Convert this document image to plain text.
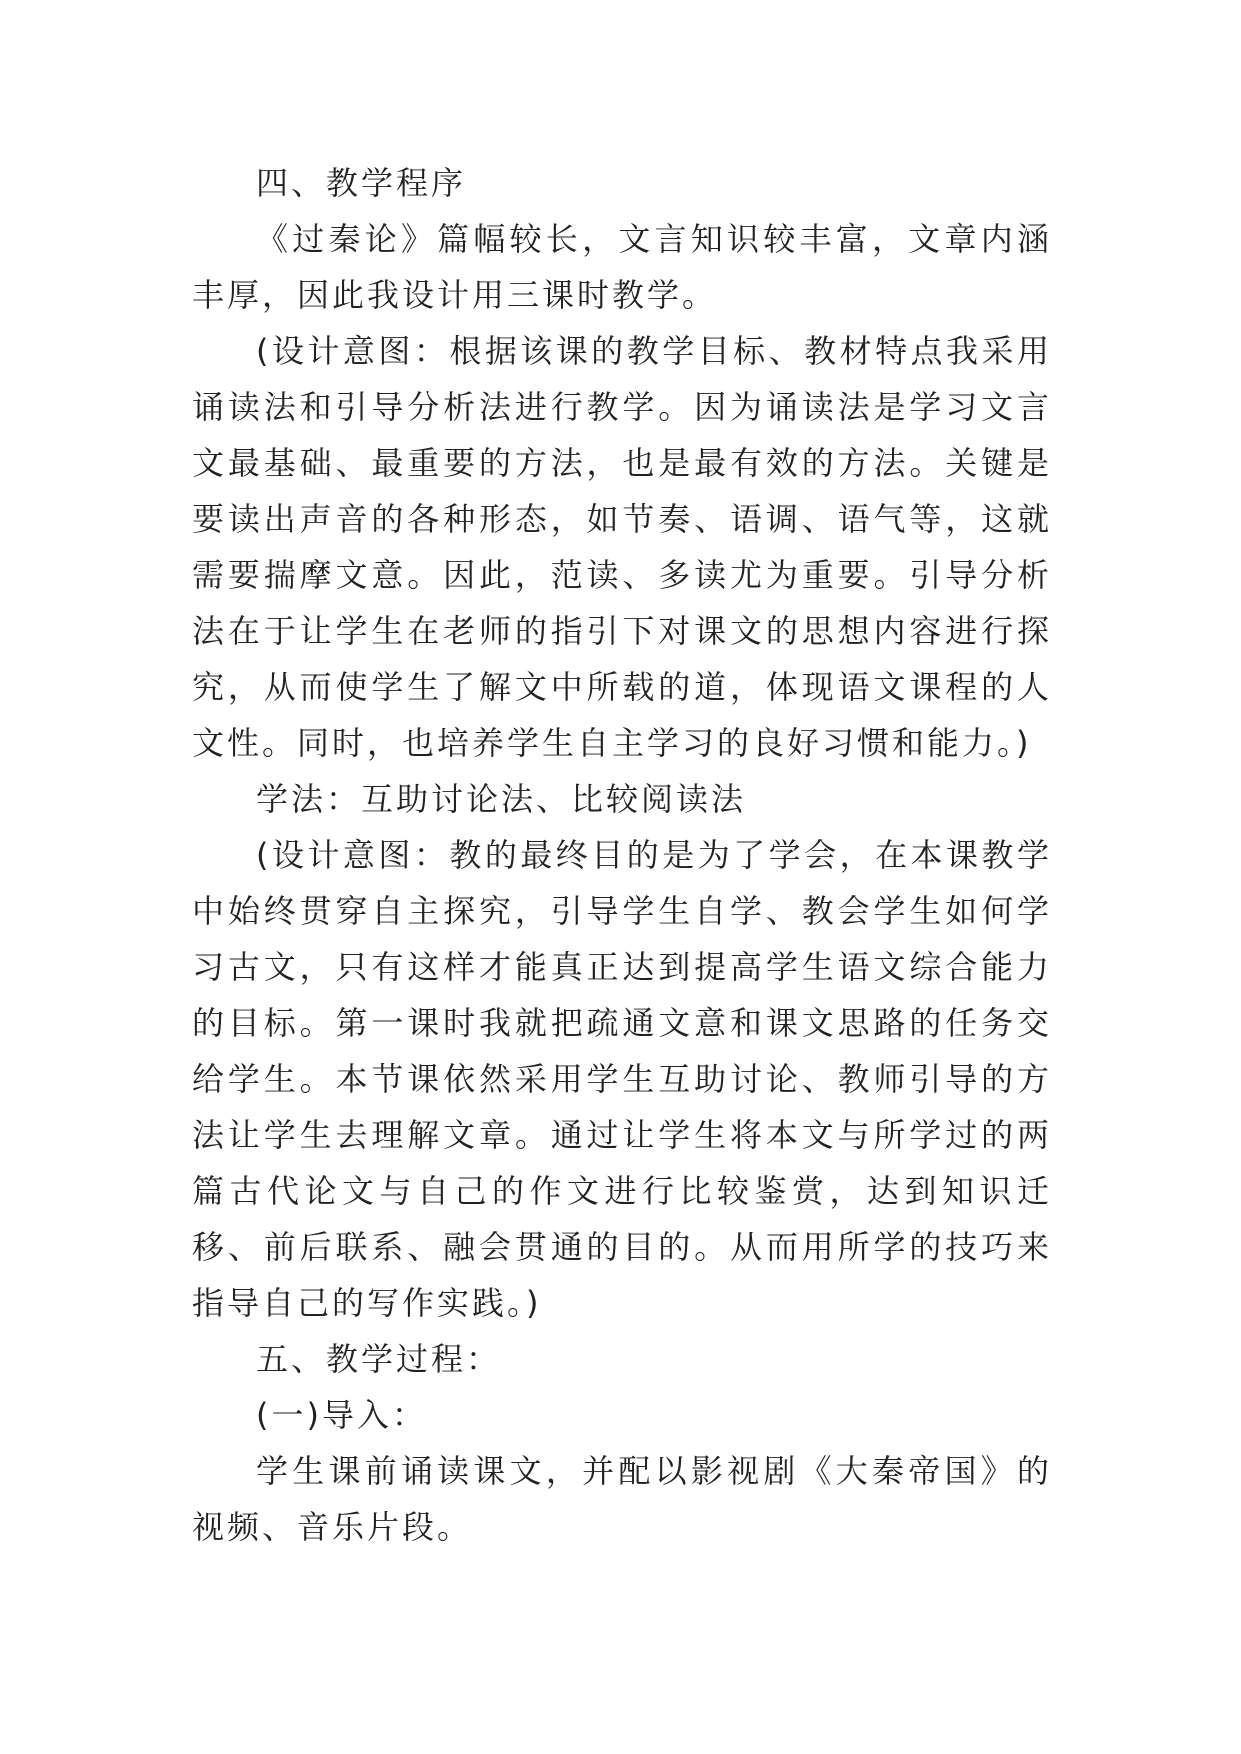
四、教学程序

《过秦论》篇幅较长，文言知识较丰富，文章内涵丰厚，因此我设计用三课时教学。

(设计意图：根据该课的教学目标、教材特点我采用诵读法和引导分析法进行教学。因为诵读法是学习文言文最基础、最重要的方法，也是最有效的方法。关键是要读出声音的各种形态，如节奏、语调、语气等，这就需要揣摩文意。因此，范读、多读尤为重要。引导分析法在于让学生在老师的指引下对课文的思想内容进行探究，从而使学生了解文中所载的道，体现语文课程的人文性。同时，也培养学生自主学习的良好习惯和能力。)

学法：互助讨论法、比较阅读法

(设计意图：教的最终目的是为了学会，在本课教学中始终贯穿自主探究，引导学生自学、教会学生如何学习古文，只有这样才能真正达到提高学生语文综合能力的目标。第一课时我就把疏通文意和课文思路的任务交给学生。本节课依然采用学生互助讨论、教师引导的方法让学生去理解文章。通过让学生将本文与所学过的两篇古代论文与自己的作文进行比较鉴赏，达到知识迁移、前后联系、融会贯通的目的。从而用所学的技巧来指导自己的写作实践。)

五、教学过程：

(一)导入：

学生课前诵读课文，并配以影视剧《大秦帝国》的视频、音乐片段。
